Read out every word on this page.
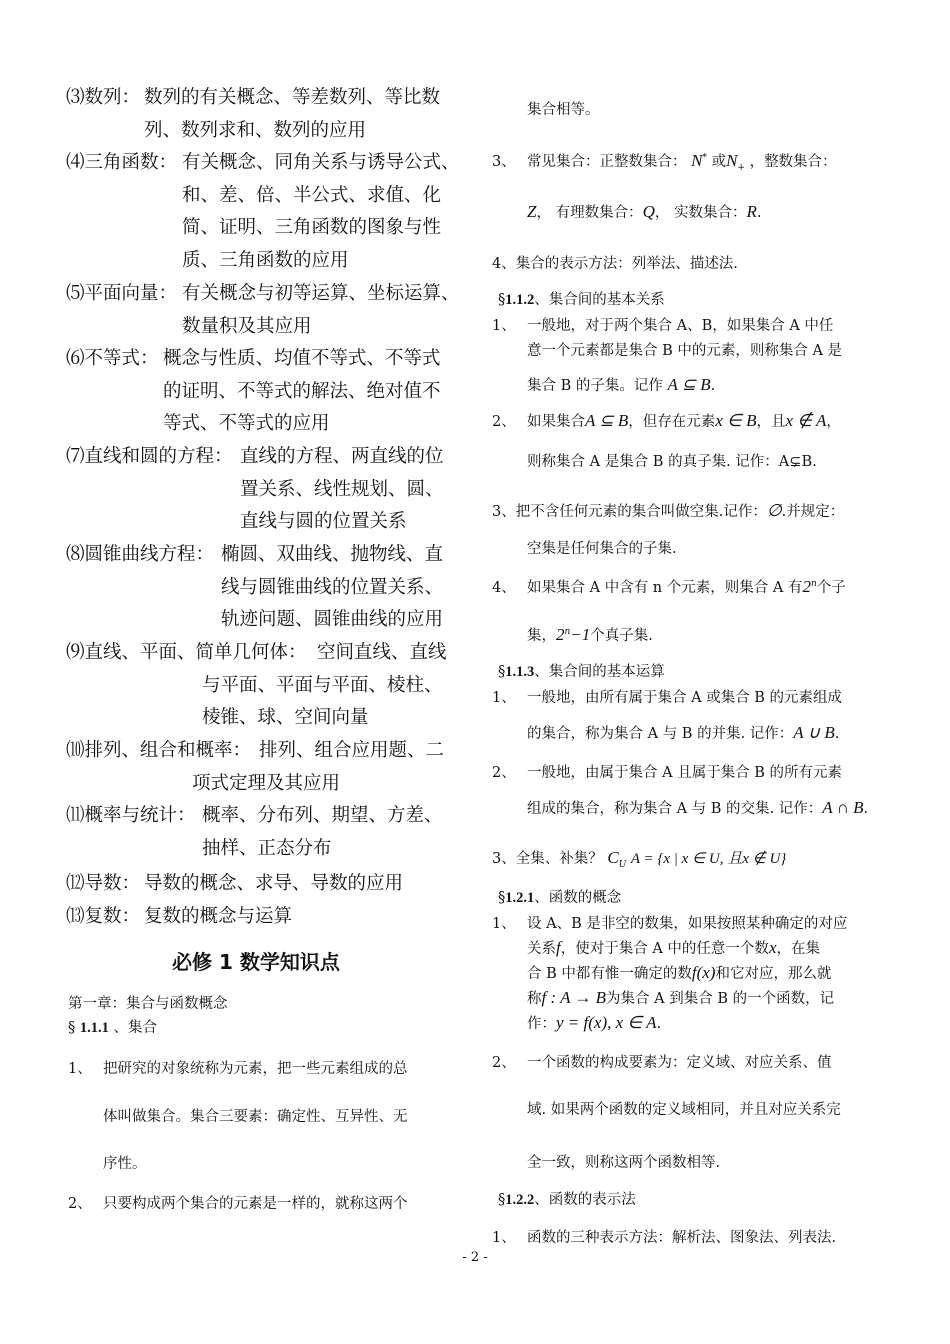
⑶数列： 数列的有关概念、等差数列、等比数
列、数列求和、数列的应用
⑷三角函数： 有关概念、同角关系与诱导公式、
和、差、倍、半公式、求值、化
简、证明、三角函数的图象与性
质、三角函数的应用
⑸平面向量： 有关概念与初等运算、坐标运算、
数量积及其应用
⑹不等式： 概念与性质、均值不等式、不等式
的证明、不等式的解法、绝对值不
等式、不等式的应用
⑺直线和圆的方程： 直线的方程、两直线的位
置关系、线性规划、圆、
直线与圆的位置关系
⑻圆锥曲线方程： 椭圆、双曲线、抛物线、直
线与圆锥曲线的位置关系、
轨迹问题、圆锥曲线的应用
⑼直线、平面、简单几何体： 空间直线、直线
与平面、平面与平面、棱柱、
棱锥、球、空间向量
⑽排列、组合和概率： 排列、组合应用题、二
项式定理及其应用
⑾概率与统计： 概率、分布列、期望、方差、
抽样、正态分布
⑿导数： 导数的概念、求导、导数的应用
⒀复数： 复数的概念与运算
必修 1 数学知识点
第一章：集合与函数概念
§ 1.1.1 、集合
1、 把研究的对象统称为元素，把一些元素组成的总
体叫做集合。集合三要素：确定性、互异性、无
序性。
2、 只要构成两个集合的元素是一样的，就称这两个
集合相等。
3、 常见集合：正整数集合： N* 或$N_+$ ，整数集合：
Z， 有理数集合：Q， 实数集合：R.
4、集合的表示方法：列举法、描述法.
§1.1.2、集合间的基本关系
1、 一般地，对于两个集合 A、B，如果集合 A 中任
意一个元素都是集合 B 中的元素，则称集合 A 是
集合 B 的子集。记作 A ⊆ B.
2、 如果集合A ⊆ B，但存在元素x ∈ B，且x ∉ A，
则称集合 A 是集合 B 的真子集. 记作：A⊊B.
3、把不含任何元素的集合叫做空集.记作：∅.并规定：
空集是任何集合的子集.
4、 如果集合 A 中含有 n 个元素，则集合 A 有2$^n$个子
集，$2^n-1$个真子集.
§1.1.3、集合间的基本运算
1、 一般地，由所有属于集合 A 或集合 B 的元素组成
的集合，称为集合 A 与 B 的并集. 记作：A ∪ B.
2、 一般地，由属于集合 A 且属于集合 B 的所有元素
组成的集合，称为集合 A 与 B 的交集. 记作：A ∩ B.
3、全集、补集？ $C_U$ A = {x | x ∈ U, 且x ∉ U}
§1.2.1、函数的概念
1、 设 A、B 是非空的数集，如果按照某种确定的对应
关系f，使对于集合 A 中的任意一个数x，在集
合 B 中都有惟一确定的数f(x)和它对应，那么就
称f : A → B为集合 A 到集合 B 的一个函数，记
作：y = f(x), x ∈ A.
2、 一个函数的构成要素为：定义域、对应关系、值
域. 如果两个函数的定义域相同，并且对应关系完
全一致，则称这两个函数相等.
§1.2.2、函数的表示法
1、 函数的三种表示方法：解析法、图象法、列表法.
- 2 -
